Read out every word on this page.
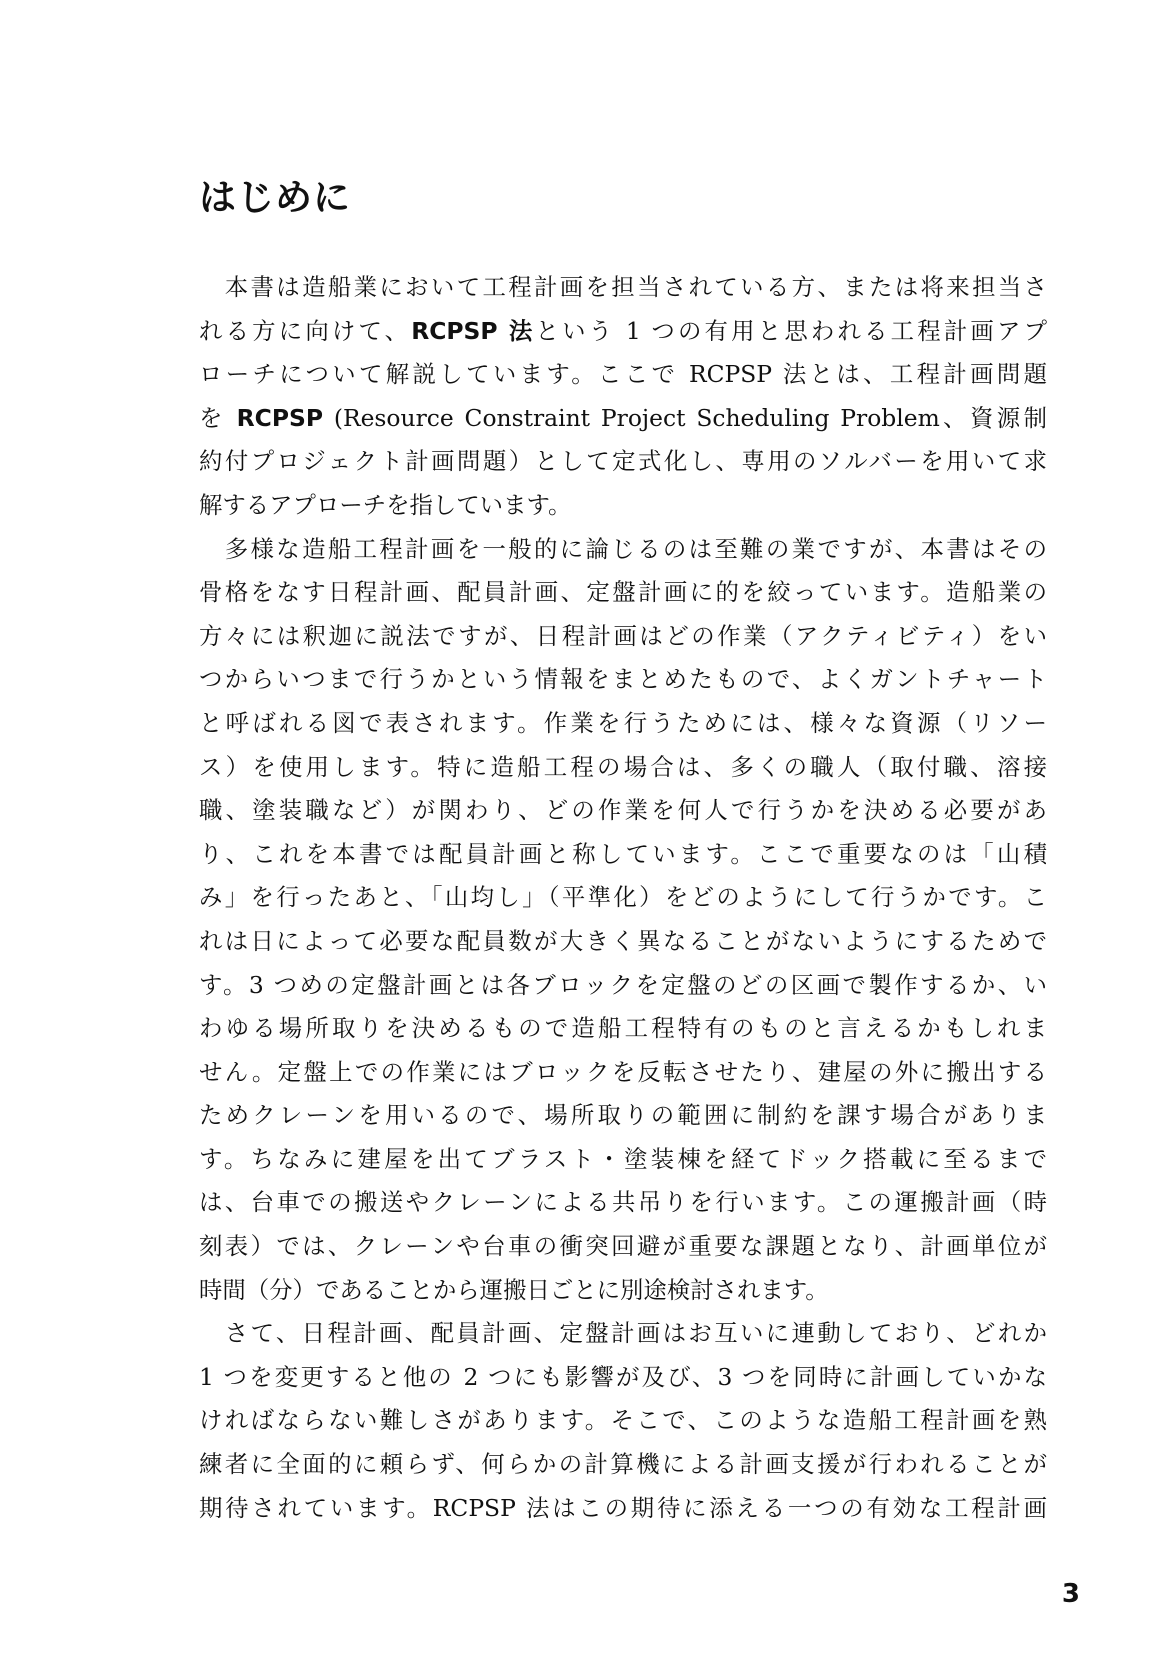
はじめに
　本書は造船業において工程計画を担当されている方、または将来担当さ
れる方に向けて、RCPSP 法という 1 つの有用と思われる工程計画アプ
ローチについて解説しています。ここで RCPSP 法とは、工程計画問題
を RCPSP (Resource Constraint Project Scheduling Problem、資源制
約付プロジェクト計画問題）として定式化し、専用のソルバーを用いて求
解するアプローチを指しています。
　多様な造船工程計画を一般的に論じるのは至難の業ですが、本書はその
骨格をなす日程計画、配員計画、定盤計画に的を絞っています。造船業の
方々には釈迦に説法ですが、日程計画はどの作業（アクティビティ）をい
つからいつまで行うかという情報をまとめたもので、よくガントチャート
と呼ばれる図で表されます。作業を行うためには、様々な資源（リソー
ス）を使用します。特に造船工程の場合は、多くの職人（取付職、溶接
職、塗装職など）が関わり、どの作業を何人で行うかを決める必要があ
り、これを本書では配員計画と称しています。ここで重要なのは「山積
み」を行ったあと、「山均し」（平準化）をどのようにして行うかです。こ
れは日によって必要な配員数が大きく異なることがないようにするためで
す。3 つめの定盤計画とは各ブロックを定盤のどの区画で製作するか、い
わゆる場所取りを決めるもので造船工程特有のものと言えるかもしれま
せん。定盤上での作業にはブロックを反転させたり、建屋の外に搬出する
ためクレーンを用いるので、場所取りの範囲に制約を課す場合がありま
す。ちなみに建屋を出てブラスト・塗装棟を経てドック搭載に至るまで
は、台車での搬送やクレーンによる共吊りを行います。この運搬計画（時
刻表）では、クレーンや台車の衝突回避が重要な課題となり、計画単位が
時間（分）であることから運搬日ごとに別途検討されます。
　さて、日程計画、配員計画、定盤計画はお互いに連動しており、どれか
1 つを変更すると他の 2 つにも影響が及び、3 つを同時に計画していかな
ければならない難しさがあります。そこで、このような造船工程計画を熟
練者に全面的に頼らず、何らかの計算機による計画支援が行われることが
期待されています。RCPSP 法はこの期待に添える一つの有効な工程計画
3
